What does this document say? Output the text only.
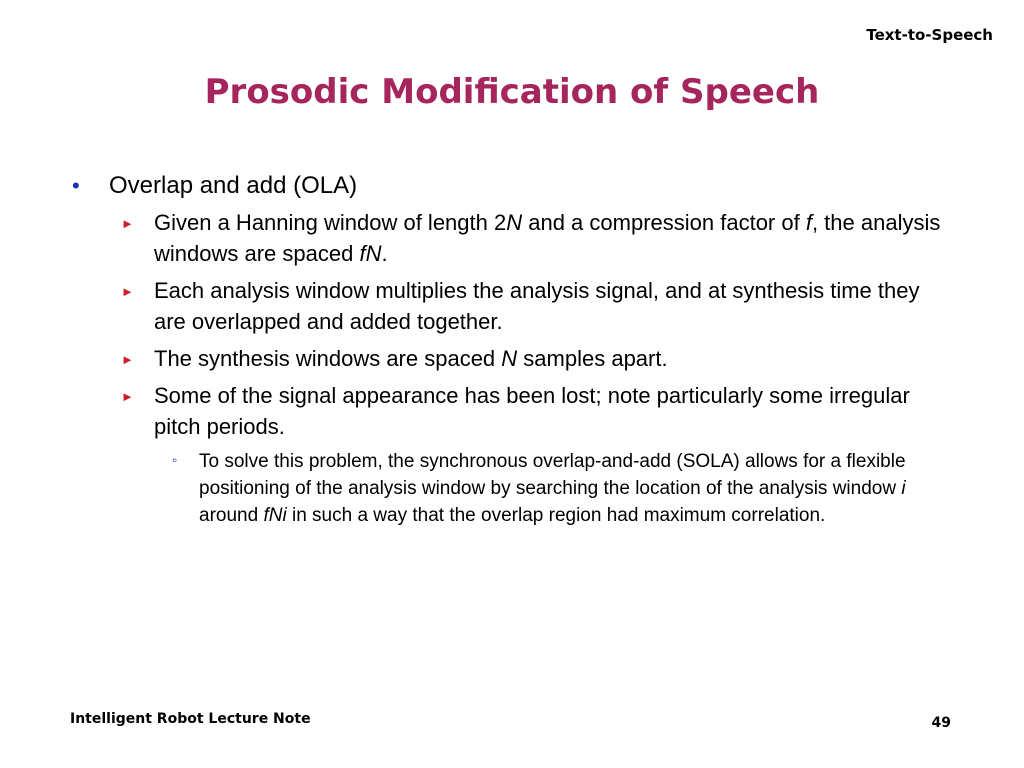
Text-to-Speech
Prosodic Modification of Speech
• Overlap and add (OLA)
► Given a Hanning window of length 2N and a compression factor of f, the analysis windows are spaced fN.
► Each analysis window multiplies the analysis signal, and at synthesis time they are overlapped and added together.
► The synthesis windows are spaced N samples apart.
► Some of the signal appearance has been lost; note particularly some irregular pitch periods.
◦ To solve this problem, the synchronous overlap-and-add (SOLA) allows for a flexible positioning of the analysis window by searching the location of the analysis window i around fNi in such a way that the overlap region had maximum correlation.
Intelligent Robot Lecture Note	49
